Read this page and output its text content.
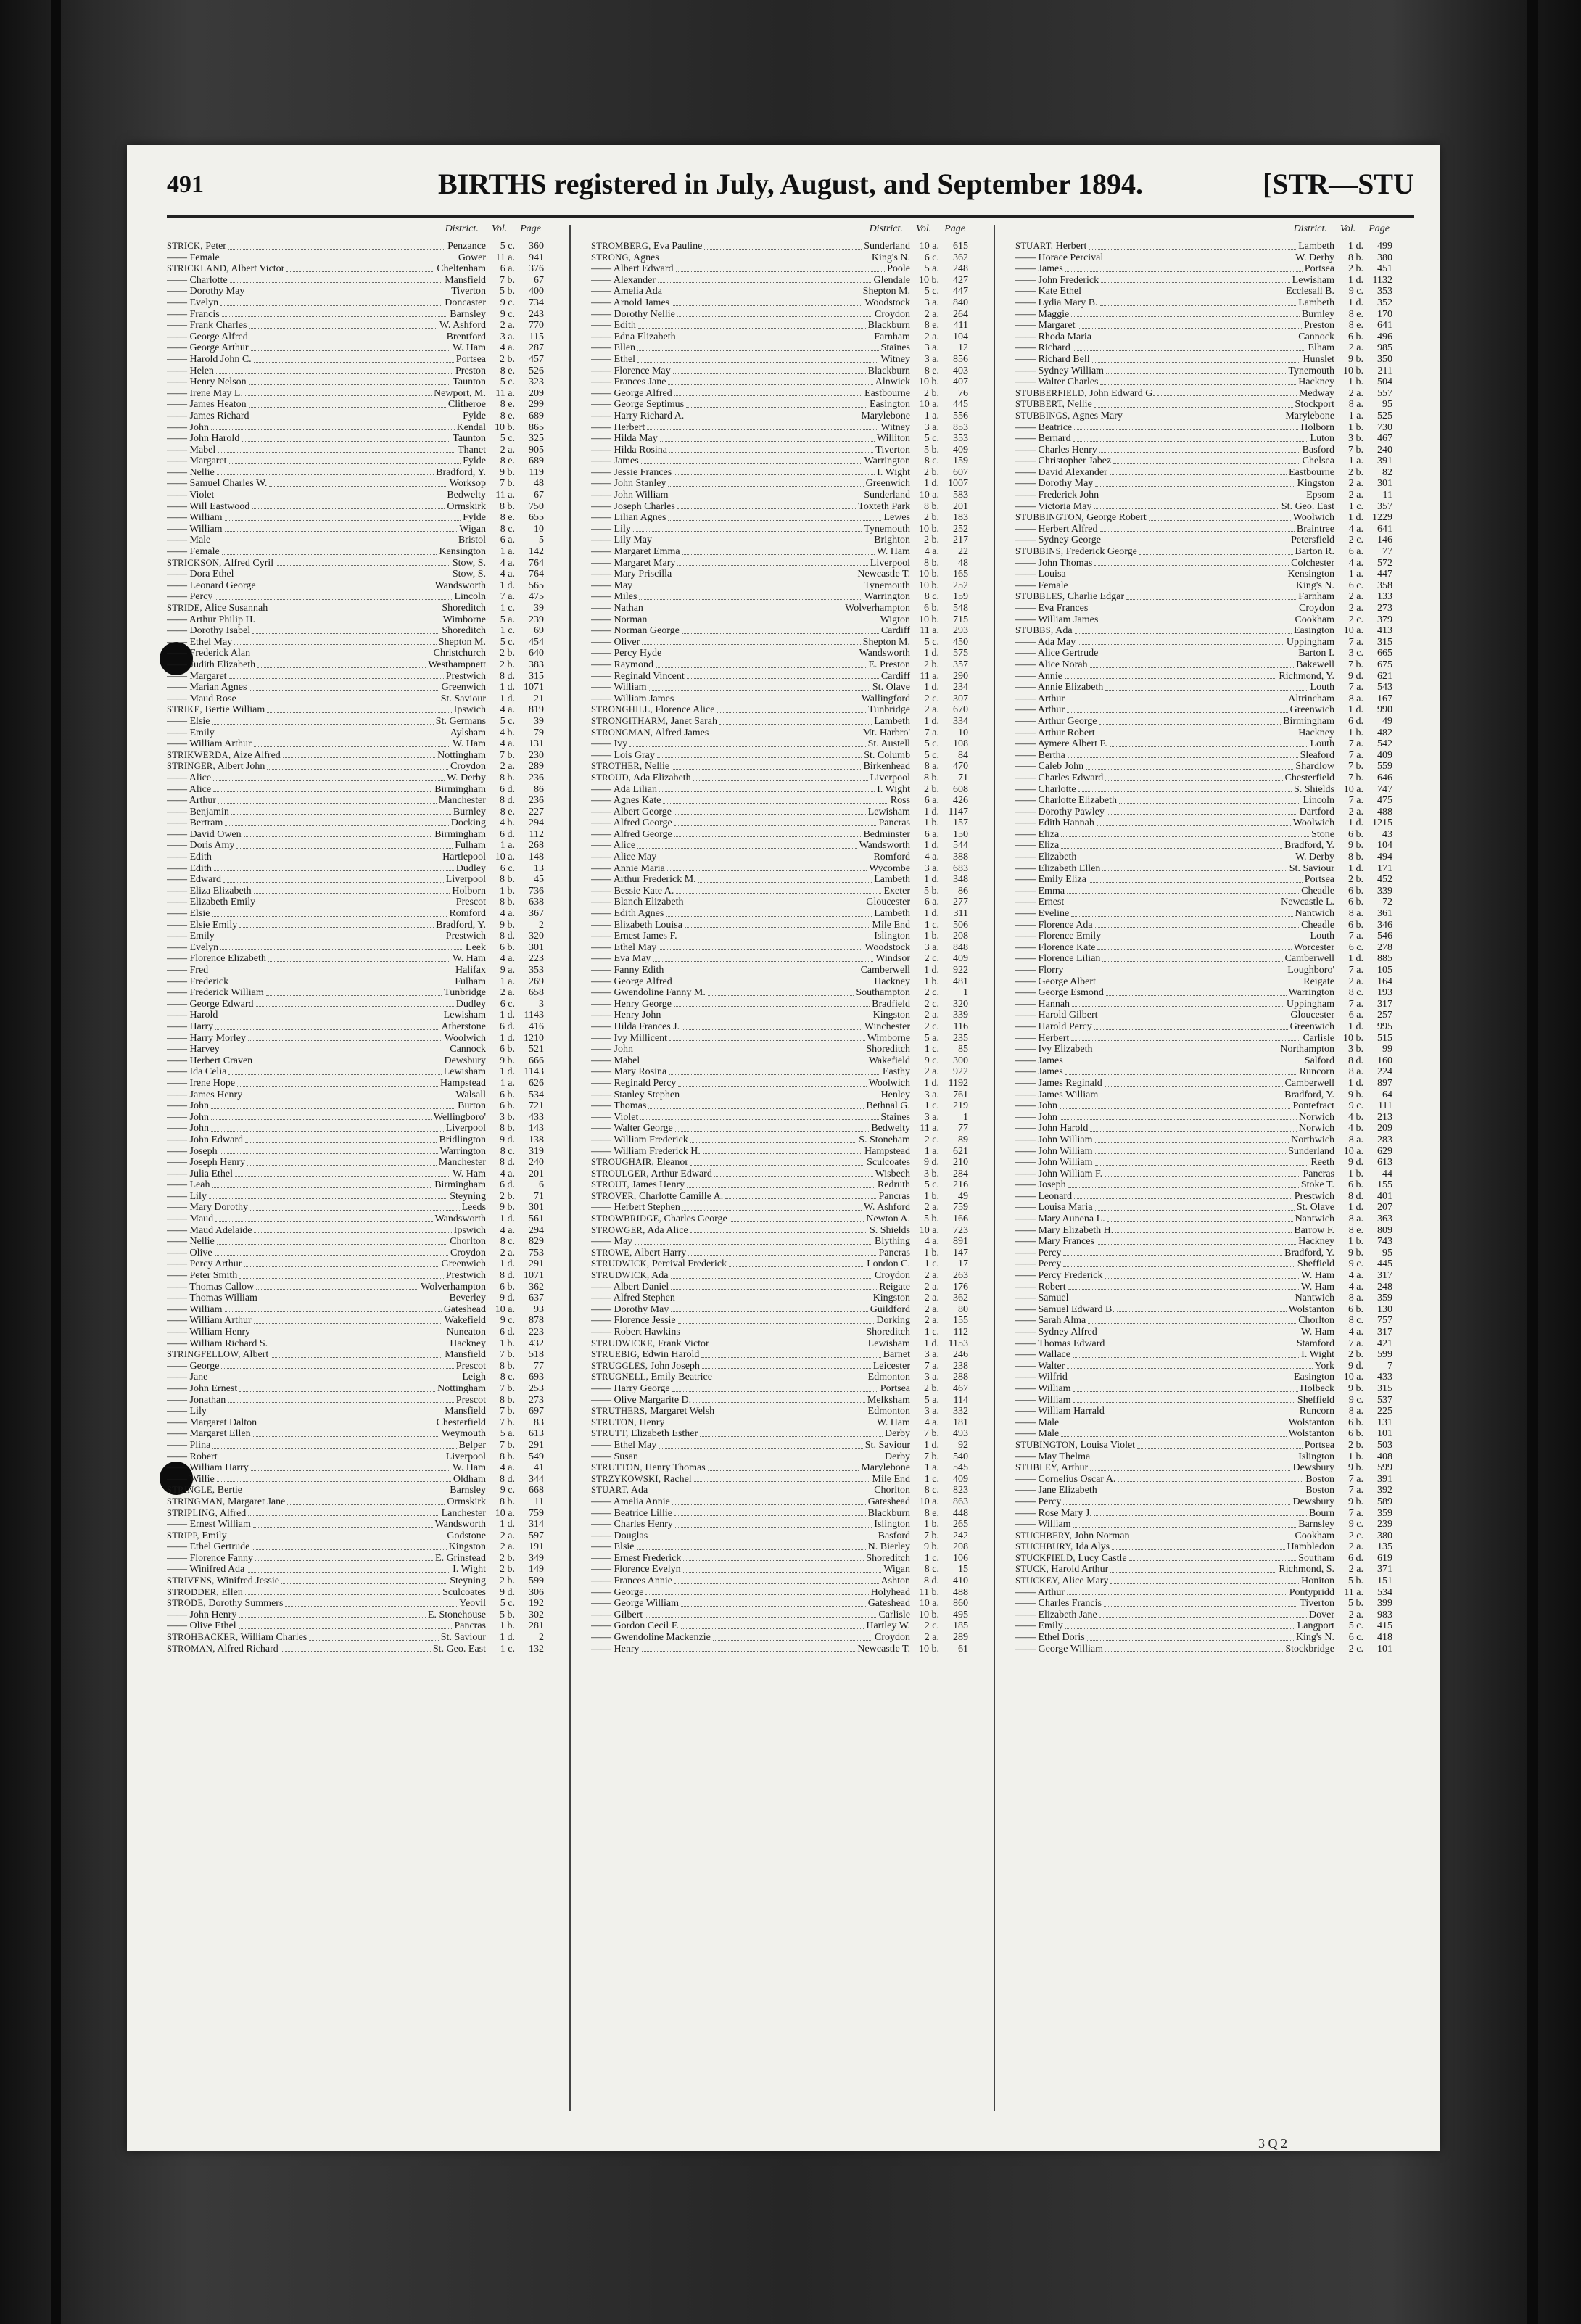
491	BIRTHS registered in July, August, and September 1894.	[STR—STU
District. Vol. Page
STRICK, Peter	Penzance	5 c.	360
—— Female	Gower 11 a.	941
STRICKLAND, Albert Victor	Cheltenham	6 a.	376
—— Charlotte	Mansfield	7 b.	67
—— Dorothy May	Tiverton	5 b.	400
—— Evelyn	Doncaster	9 c.	734
—— Francis	Barnsley	9 c.	243
—— Frank Charles	W. Ashford	2 a.	770
—— George Alfred	Brentford	3 a.	115
—— George Arthur	W. Ham	4 a.	287
—— Harold John C.	Portsea	2 b.	457
—— Helen	Preston	8 e.	526
—— Henry Nelson	Taunton	5 c.	323
—— Irene May L.	Newport, M. 11 a.	209
—— James Heaton	Clitheroe	8 e.	299
—— James Richard	Fylde	8 e.	689
—— John	Kendal 10 b.	865
—— John Harold	Taunton	5 c.	325
—— Mabel	Thanet	2 a.	905
—— Margaret	Fylde	8 e.	689
—— Nellie	Bradford, Y.	9 b.	119
—— Samuel Charles W.	Worksop	7 b.	48
—— Violet	Bedwelty 11 a.	67
—— Will Eastwood	Ormskirk	8 b.	750
—— William	Fylde	8 e.	655
—— William	Wigan	8 c.	10
—— Male	Bristol	6 a.	5
—— Female	Kensington	1 a.	142
STRICKSON, Alfred Cyril	Stow, S.	4 a.	764
—— Dora Ethel	Stow, S.	4 a.	764
—— Leonard George	Wandsworth	1 d.	565
—— Percy	Lincoln	7 a.	475
STRIDE, Alice Susannah	Shoreditch	1 c.	39
—— Arthur Philip H.	Wimborne	5 a.	239
—— Dorothy Isabel	Shoreditch	1 c.	69
—— Ethel May	Shepton M.	5 c.	454
—— Frederick Alan	Christchurch	2 b.	640
—— Judith Elizabeth	Westhampnett	2 b.	383
—— Margaret	Prestwich	8 d.	315
—— Marian Agnes	Greenwich	1 d. 1071
—— Maud Rose	St. Saviour	1 d.	21
STRIKE, Bertie William	Ipswich	4 a.	819
—— Elsie	St. Germans	5 c.	39
—— Emily	Aylsham	4 b.	79
—— William Arthur	W. Ham	4 a.	131
STRIKWERDA, Aize Alfred	Nottingham	7 b.	230
STRINGER, Albert John	Croydon	2 a.	289
—— Alice	W. Derby	8 b.	236
—— Alice	Birmingham	6 d.	86
—— Arthur	Manchester	8 d.	236
—— Benjamin	Burnley	8 e.	227
—— Bertram	Docking	4 b.	294
—— David Owen	Birmingham	6 d.	112
—— Doris Amy	Fulham	1 a.	268
—— Edith	Hartlepool 10 a.	148
—— Edith	Dudley	6 c.	13
—— Edward	Liverpool	8 b.	45
—— Eliza Elizabeth	Holborn	1 b.	736
—— Elizabeth Emily	Prescot	8 b.	638
—— Elsie	Romford	4 a.	367
—— Elsie Emily	Bradford, Y.	9 b.	2
—— Emily	Prestwich	8 d.	320
—— Evelyn	Leek	6 b.	301
—— Florence Elizabeth	W. Ham	4 a.	223
—— Fred	Halifax	9 a.	353
—— Frederick	Fulham	1 a.	269
—— Frederick William	Tunbridge	2 a.	658
—— George Edward	Dudley	6 c.	3
—— Harold	Lewisham	1 d. 1143
—— Harry	Atherstone	6 d.	416
—— Harry Morley	Woolwich	1 d. 1210
—— Harvey	Cannock	6 b.	521
—— Herbert Craven	Dewsbury	9 b.	666
—— Ida Celia	Lewisham	1 d. 1143
—— Irene Hope	Hampstead	1 a.	626
—— James Henry	Walsall	6 b.	534
—— John	Burton	6 b.	721
—— John	Wellingboro'	3 b.	433
—— John	Liverpool	8 b.	143
—— John Edward	Bridlington	9 d.	138
—— Joseph	Warrington	8 c.	319
—— Joseph Henry	Manchester	8 d.	240
—— Julia Ethel	W. Ham	4 a.	201
—— Leah	Birmingham	6 d.	6
—— Lily	Steyning	2 b.	71
—— Mary Dorothy	Leeds	9 b.	301
—— Maud	Wandsworth	1 d.	561
—— Maud Adelaide	Ipswich	4 a.	294
—— Nellie	Chorlton	8 c.	829
—— Olive	Croydon	2 a.	753
—— Percy Arthur	Greenwich	1 d.	291
—— Peter Smith	Prestwich	8 d. 1071
—— Thomas Callow	Wolverhampton	6 b.	362
—— Thomas William	Beverley	9 d.	637
—— William	Gateshead 10 a.	93
—— William Arthur	Wakefield	9 c.	878
—— William Henry	Nuneaton	6 d.	223
—— William Richard S.	Hackney	1 b.	432
STRINGFELLOW, Albert	Mansfield	7 b.	518
—— George	Prescot	8 b.	77
—— Jane	Leigh	8 c.	693
—— John Ernest	Nottingham	7 b.	253
—— Jonathan	Prescot	8 b.	273
—— Lily	Mansfield	7 b.	697
—— Margaret Dalton	Chesterfield	7 b.	83
—— Margaret Ellen	Weymouth	5 a.	613
—— Plina	Belper	7 b.	291
—— Robert	Liverpool	8 b.	549
—— William Harry	W. Ham	4 a.	41
—— Willie	Oldham	8 d.	344
STRINGLE, Bertie	Barnsley	9 c.	668
STRINGMAN, Margaret Jane	Ormskirk	8 b.	11
STRIPLING, Alfred	Lanchester 10 a.	759
—— Ernest William	Wandsworth	1 d.	314
STRIPP, Emily	Godstone	2 a.	597
—— Ethel Gertrude	Kingston	2 a.	191
—— Florence Fanny	E. Grinstead	2 b.	349
—— Winifred Ada	I. Wight	2 b.	149
STRIVENS, Winifred Jessie	Steyning	2 b.	599
STRODDER, Ellen	Sculcoates	9 d.	306
STRODE, Dorothy Summers	Yeovil	5 c.	192
—— John Henry	E. Stonehouse	5 b.	302
—— Olive Ethel	Pancras	1 b.	281
STROHBACKER, William Charles	St. Saviour	1 d.	2
STROMAN, Alfred Richard	St. Geo. East	1 c.	132
District. Vol. Page
STROMBERG, Eva Pauline	Sunderland 10 a.	615
STRONG, Agnes	King's N.	6 c.	362
—— Albert Edward	Poole	5 a.	248
—— Alexander	Glendale 10 b.	427
—— Amelia Ada	Shepton M.	5 c.	447
—— Arnold James	Woodstock	3 a.	840
—— Dorothy Nellie	Croydon	2 a.	264
—— Edith	Blackburn	8 e.	411
—— Edna Elizabeth	Farnham	2 a.	104
—— Ellen	Staines	3 a.	12
—— Ethel	Witney	3 a.	856
—— Florence May	Blackburn	8 e.	403
—— Frances Jane	Alnwick 10 b.	407
—— George Alfred	Eastbourne	2 b.	76
—— George Septimus	Easington 10 a.	445
—— Harry Richard A.	Marylebone	1 a.	556
—— Herbert	Witney	3 a.	853
—— Hilda May	Williton	5 c.	353
—— Hilda Rosina	Tiverton	5 b.	409
—— James	Warrington	8 c.	159
—— Jessie Frances	I. Wight	2 b.	607
—— John Stanley	Greenwich	1 d. 1007
—— John William	Sunderland 10 a.	583
—— Joseph Charles	Toxteth Park	8 b.	201
—— Lilian Agnes	Lewes	2 b.	183
—— Lily	Tynemouth 10 b.	252
—— Lily May	Brighton	2 b.	217
—— Margaret Emma	W. Ham	4 a.	22
—— Margaret Mary	Liverpool	8 b.	48
—— Mary Priscilla	Newcastle T. 10 b.	165
—— May	Tynemouth 10 b.	252
—— Miles	Warrington	8 c.	159
—— Nathan	Wolverhampton	6 b.	548
—— Norman	Wigton 10 b.	715
—— Norman George	Cardiff 11 a.	293
—— Oliver	Shepton M.	5 c.	450
—— Percy Hyde	Wandsworth	1 d.	575
—— Raymond	E. Preston	2 b.	357
—— Reginald Vincent	Cardiff 11 a.	290
—— William	St. Olave	1 d.	234
—— William James	Wallingford	2 c.	307
STRONGHILL, Florence Alice	Tunbridge	2 a.	670
STRONGITHARM, Janet Sarah	Lambeth	1 d.	334
STRONGMAN, Alfred James	Mt. Harbro'	7 a.	10
—— Ivy	St. Austell	5 c.	108
—— Lois Gray	St. Columb	5 c.	84
STROTHER, Nellie	Birkenhead	8 a.	470
STROUD, Ada Elizabeth	Liverpool	8 b.	71
—— Ada Lilian	I. Wight	2 b.	608
—— Agnes Kate	Ross	6 a.	426
—— Albert George	Lewisham	1 d. 1147
—— Alfred George	Pancras	1 b.	157
—— Alfred George	Bedminster	6 a.	150
—— Alice	Wandsworth	1 d.	544
—— Alice May	Romford	4 a.	388
—— Annie Maria	Wycombe	3 a.	683
—— Arthur Frederick M.	Lambeth	1 d.	348
—— Bessie Kate A.	Exeter	5 b.	86
—— Blanch Elizabeth	Gloucester	6 a.	277
—— Edith Agnes	Lambeth	1 d.	311
—— Elizabeth Louisa	Mile End	1 c.	506
—— Ernest James F.	Islington	1 b.	208
—— Ethel May	Woodstock	3 a.	848
—— Eva May	Windsor	2 c.	409
—— Fanny Edith	Camberwell	1 d.	922
—— George Alfred	Hackney	1 b.	481
—— Gwendoline Fanny M.	Southampton	2 c.	1
—— Henry George	Bradfield	2 c.	320
—— Henry John	Kingston	2 a.	339
—— Hilda Frances J.	Winchester	2 c.	116
—— Ivy Millicent	Wimborne	5 a.	235
—— John	Shoreditch	1 c.	85
—— Mabel	Wakefield	9 c.	300
—— Mary Rosina	Easthy	2 a.	922
—— Reginald Percy	Woolwich	1 d. 1192
—— Stanley Stephen	Henley	3 a.	761
—— Thomas	Bethnal G.	1 c.	219
—— Violet	Staines	3 a.	1
—— Walter George	Bedwelty 11 a.	77
—— William Frederick	S. Stoneham	2 c.	89
—— William Frederick H.	Hampstead	1 a.	621
STROUGHAIR, Eleanor	Sculcoates	9 d.	210
STROULGER, Arthur Edward	Wisbech	3 b.	284
STROUT, James Henry	Redruth	5 c.	216
STROVER, Charlotte Camille A.	Pancras	1 b.	49
—— Herbert Stephen	W. Ashford	2 a.	759
STROWBRIDGE, Charles George	Newton A.	5 b.	166
STROWGER, Ada Alice	S. Shields 10 a.	723
—— May	Blything	4 a.	891
STROWE, Albert Harry	Pancras	1 b.	147
STRUDWICK, Percival Frederick	London C.	1 c.	17
STRUDWICK, Ada	Croydon	2 a.	263
—— Albert Daniel	Reigate	2 a.	176
—— Alfred Stephen	Kingston	2 a.	362
—— Dorothy May	Guildford	2 a.	80
—— Florence Jessie	Dorking	2 a.	155
—— Robert Hawkins	Shoreditch	1 c.	112
STRUDWICKE, Frank Victor	Lewisham	1 d. 1153
STRUEBIG, Edwin Harold	Barnet	3 a.	246
STRUGGLES, John Joseph	Leicester	7 a.	238
STRUGNELL, Emily Beatrice	Edmonton	3 a.	288
—— Harry George	Portsea	2 b.	467
—— Olive Margarite D.	Melksham	5 a.	114
STRUTHERS, Margaret Welsh	Edmonton	3 a.	332
STRUTON, Henry	W. Ham	4 a.	181
STRUTT, Elizabeth Esther	Derby	7 b.	493
—— Ethel May	St. Saviour	1 d.	92
—— Susan	Derby	7 b.	540
STRUTTON, Henry Thomas	Marylebone	1 a.	545
STRZYKOWSKI, Rachel	Mile End	1 c.	409
STUART, Ada	Chorlton	8 c.	823
—— Amelia Annie	Gateshead 10 a.	863
—— Beatrice Lillie	Blackburn	8 e.	448
—— Charles Henry	Islington	1 b.	265
—— Douglas	Basford	7 b.	242
—— Elsie	N. Bierley	9 b.	208
—— Ernest Frederick	Shoreditch	1 c.	106
—— Florence Evelyn	Wigan	8 c.	15
—— Frances Annie	Ashton	8 d.	410
—— George	Holyhead 11 b.	488
—— George William	Gateshead 10 a.	860
—— Gilbert	Carlisle 10 b.	495
—— Gordon Cecil F.	Hartley W.	2 c.	185
—— Gwendoline Mackenzie	Croydon	2 a.	289
—— Henry	Newcastle T. 10 b.	61
District. Vol. Page
STUART, Herbert	Lambeth	1 d.	499
—— Horace Percival	W. Derby	8 b.	380
—— James	Portsea	2 b.	451
—— John Frederick	Lewisham	1 d. 1132
—— Kate Ethel	Ecclesall B.	9 c.	353
—— Lydia Mary B.	Lambeth	1 d.	352
—— Maggie	Burnley	8 e.	170
—— Margaret	Preston	8 e.	641
—— Rhoda Maria	Cannock	6 b.	496
—— Richard	Elham	2 a.	985
—— Richard Bell	Hunslet	9 b.	350
—— Sydney William	Tynemouth 10 b.	211
—— Walter Charles	Hackney	1 b.	504
STUBBERFIELD, John Edward G.	Medway	2 a.	557
STUBBERT, Nellie	Stockport	8 a.	95
STUBBINGS, Agnes Mary	Marylebone	1 a.	525
—— Beatrice	Holborn	1 b.	730
—— Bernard	Luton	3 b.	467
—— Charles Henry	Basford	7 b.	240
—— Christopher Jabez	Chelsea	1 a.	391
—— David Alexander	Eastbourne	2 b.	82
—— Dorothy May	Kingston	2 a.	301
—— Frederick John	Epsom	2 a.	11
—— Victoria May	St. Geo. East	1 c.	357
STUBBINGTON, George Robert	Woolwich	1 d. 1229
—— Herbert Alfred	Braintree	4 a.	641
—— Sydney George	Petersfield	2 c.	146
STUBBINS, Frederick George	Barton R.	6 a.	77
—— John Thomas	Colchester	4 a.	572
—— Louisa	Kensington	1 a.	447
—— Female	King's N.	6 c.	358
STUBBLES, Charlie Edgar	Farnham	2 a.	133
—— Eva Frances	Croydon	2 a.	273
—— William James	Cookham	2 c.	379
STUBBS, Ada	Easington 10 a.	413
—— Ada May	Uppingham	7 a.	315
—— Alice Gertrude	Barton I.	3 c.	665
—— Alice Norah	Bakewell	7 b.	675
—— Annie	Richmond, Y.	9 d.	621
—— Annie Elizabeth	Louth	7 a.	543
—— Arthur	Altrincham	8 a.	167
—— Arthur	Greenwich	1 d.	990
—— Arthur George	Birmingham	6 d.	49
—— Arthur Robert	Hackney	1 b.	482
—— Aymere Albert F.	Louth	7 a.	542
—— Bertha	Sleaford	7 a.	409
—— Caleb John	Shardlow	7 b.	559
—— Charles Edward	Chesterfield	7 b.	646
—— Charlotte	S. Shields 10 a.	747
—— Charlotte Elizabeth	Lincoln	7 a.	475
—— Dorothy Pawley	Dartford	2 a.	488
—— Edith Hannah	Woolwich	1 d. 1215
—— Eliza	Stone	6 b.	43
—— Eliza	Bradford, Y.	9 b.	104
—— Elizabeth	W. Derby	8 b.	494
—— Elizabeth Ellen	St. Saviour	1 d.	171
—— Emily Eliza	Portsea	2 b.	452
—— Emma	Cheadle	6 b.	339
—— Ernest	Newcastle L.	6 b.	72
—— Eveline	Nantwich	8 a.	361
—— Florence Ada	Cheadle	6 b.	346
—— Florence Emily	Louth	7 a.	546
—— Florence Kate	Worcester	6 c.	278
—— Florence Lilian	Camberwell	1 d.	885
—— Florry	Loughboro'	7 a.	105
—— George Albert	Reigate	2 a.	164
—— George Esmond	Warrington	8 c.	193
—— Hannah	Uppingham	7 a.	317
—— Harold Gilbert	Gloucester	6 a.	257
—— Harold Percy	Greenwich	1 d.	995
—— Herbert	Carlisle 10 b.	515
—— Ivy Elizabeth	Northampton	3 b.	99
—— James	Salford	8 d.	160
—— James	Runcorn	8 a.	224
—— James Reginald	Camberwell	1 d.	897
—— James William	Bradford, Y.	9 b.	64
—— John	Pontefract	9 c.	111
—— John	Norwich	4 b.	213
—— John Harold	Norwich	4 b.	209
—— John William	Northwich	8 a.	283
—— John William	Sunderland 10 a.	629
—— John William	Reeth	9 d.	613
—— John William F.	Pancras	1 b.	44
—— Joseph	Stoke T.	6 b.	155
—— Leonard	Prestwich	8 d.	401
—— Louisa Maria	St. Olave	1 d.	207
—— Mary Aunena L.	Nantwich	8 a.	363
—— Mary Elizabeth H.	Barrow F.	8 e.	809
—— Mary Frances	Hackney	1 b.	743
—— Percy	Bradford, Y.	9 b.	95
—— Percy	Sheffield	9 c.	445
—— Percy Frederick	W. Ham	4 a.	317
—— Robert	W. Ham	4 a.	248
—— Samuel	Nantwich	8 a.	359
—— Samuel Edward B.	Wolstanton	6 b.	130
—— Sarah Alma	Chorlton	8 c.	757
—— Sydney Alfred	W. Ham	4 a.	317
—— Thomas Edward	Stamford	7 a.	421
—— Wallace	I. Wight	2 b.	599
—— Walter	York	9 d.	7
—— Wilfrid	Easington 10 a.	433
—— William	Holbeck	9 b.	315
—— William	Sheffield	9 c.	537
—— William Harrald	Runcorn	8 a.	225
—— Male	Wolstanton	6 b.	131
—— Male	Wolstanton	6 b.	101
STUBINGTON, Louisa Violet	Portsea	2 b.	503
—— May Thelma	Islington	1 b.	408
STUBLEY, Arthur	Dewsbury	9 b.	599
—— Cornelius Oscar A.	Boston	7 a.	391
—— Jane Elizabeth	Boston	7 a.	392
—— Percy	Dewsbury	9 b.	589
—— Rose Mary J.	Bourn	7 a.	359
—— William	Barnsley	9 c.	239
STUCHBERY, John Norman	Cookham	2 c.	380
STUCHBURY, Ida Alys	Hambledon	2 a.	135
STUCKFIELD, Lucy Castle	Southam	6 d.	619
STUCK, Harold Arthur	Richmond, S.	2 a.	371
STUCKEY, Alice Mary	Honiton	5 b.	151
—— Arthur	Pontypridd 11 a.	534
—— Charles Francis	Tiverton	5 b.	399
—— Elizabeth Jane	Dover	2 a.	983
—— Emily	Langport	5 c.	415
—— Ethel Doris	King's N.	6 c.	418
—— George William	Stockbridge	2 c.	101
3 Q 2
